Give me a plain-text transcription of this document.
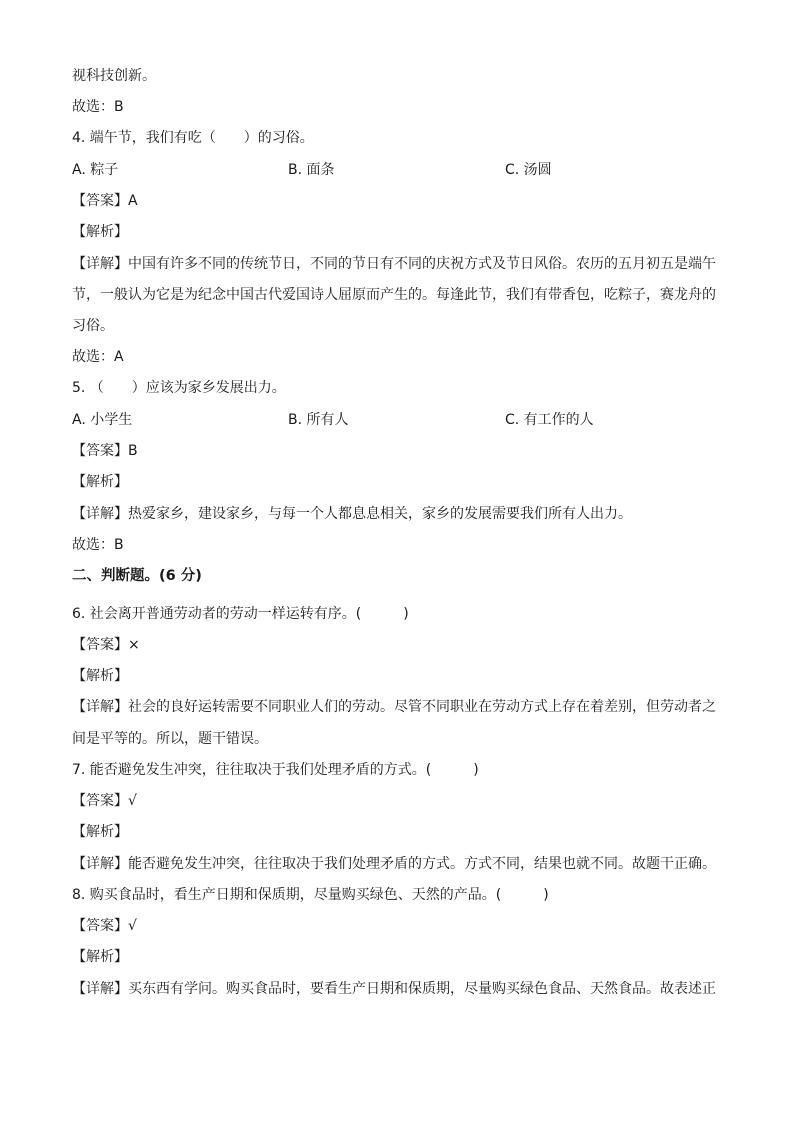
视科技创新。
故选：B
4. 端午节，我们有吃（　　）的习俗。
A. 粽子	B. 面条	C. 汤圆
【答案】A
【解析】
【详解】中国有许多不同的传统节日，不同的节日有不同的庆祝方式及节日风俗。农历的五月初五是端午
节，一般认为它是为纪念中国古代爱国诗人屈原而产生的。每逢此节，我们有带香包，吃粽子，赛龙舟的
习俗。
故选：A
5. （　　）应该为家乡发展出力。
A. 小学生	B. 所有人	C. 有工作的人
【答案】B
【解析】
【详解】热爱家乡，建设家乡，与每一个人都息息相关，家乡的发展需要我们所有人出力。
故选：B
二、判断题。(6 分)
6. 社会离开普通劳动者的劳动一样运转有序。(　　　)
【答案】×
【解析】
【详解】社会的良好运转需要不同职业人们的劳动。尽管不同职业在劳动方式上存在着差别，但劳动者之
间是平等的。所以，题干错误。
7. 能否避免发生冲突，往往取决于我们处理矛盾的方式。(　　　)
【答案】√
【解析】
【详解】能否避免发生冲突，往往取决于我们处理矛盾的方式。方式不同，结果也就不同。故题干正确。
8. 购买食品时，看生产日期和保质期，尽量购买绿色、天然的产品。(　　　)
【答案】√
【解析】
【详解】买东西有学问。购买食品时，要看生产日期和保质期，尽量购买绿色食品、天然食品。故表述正
